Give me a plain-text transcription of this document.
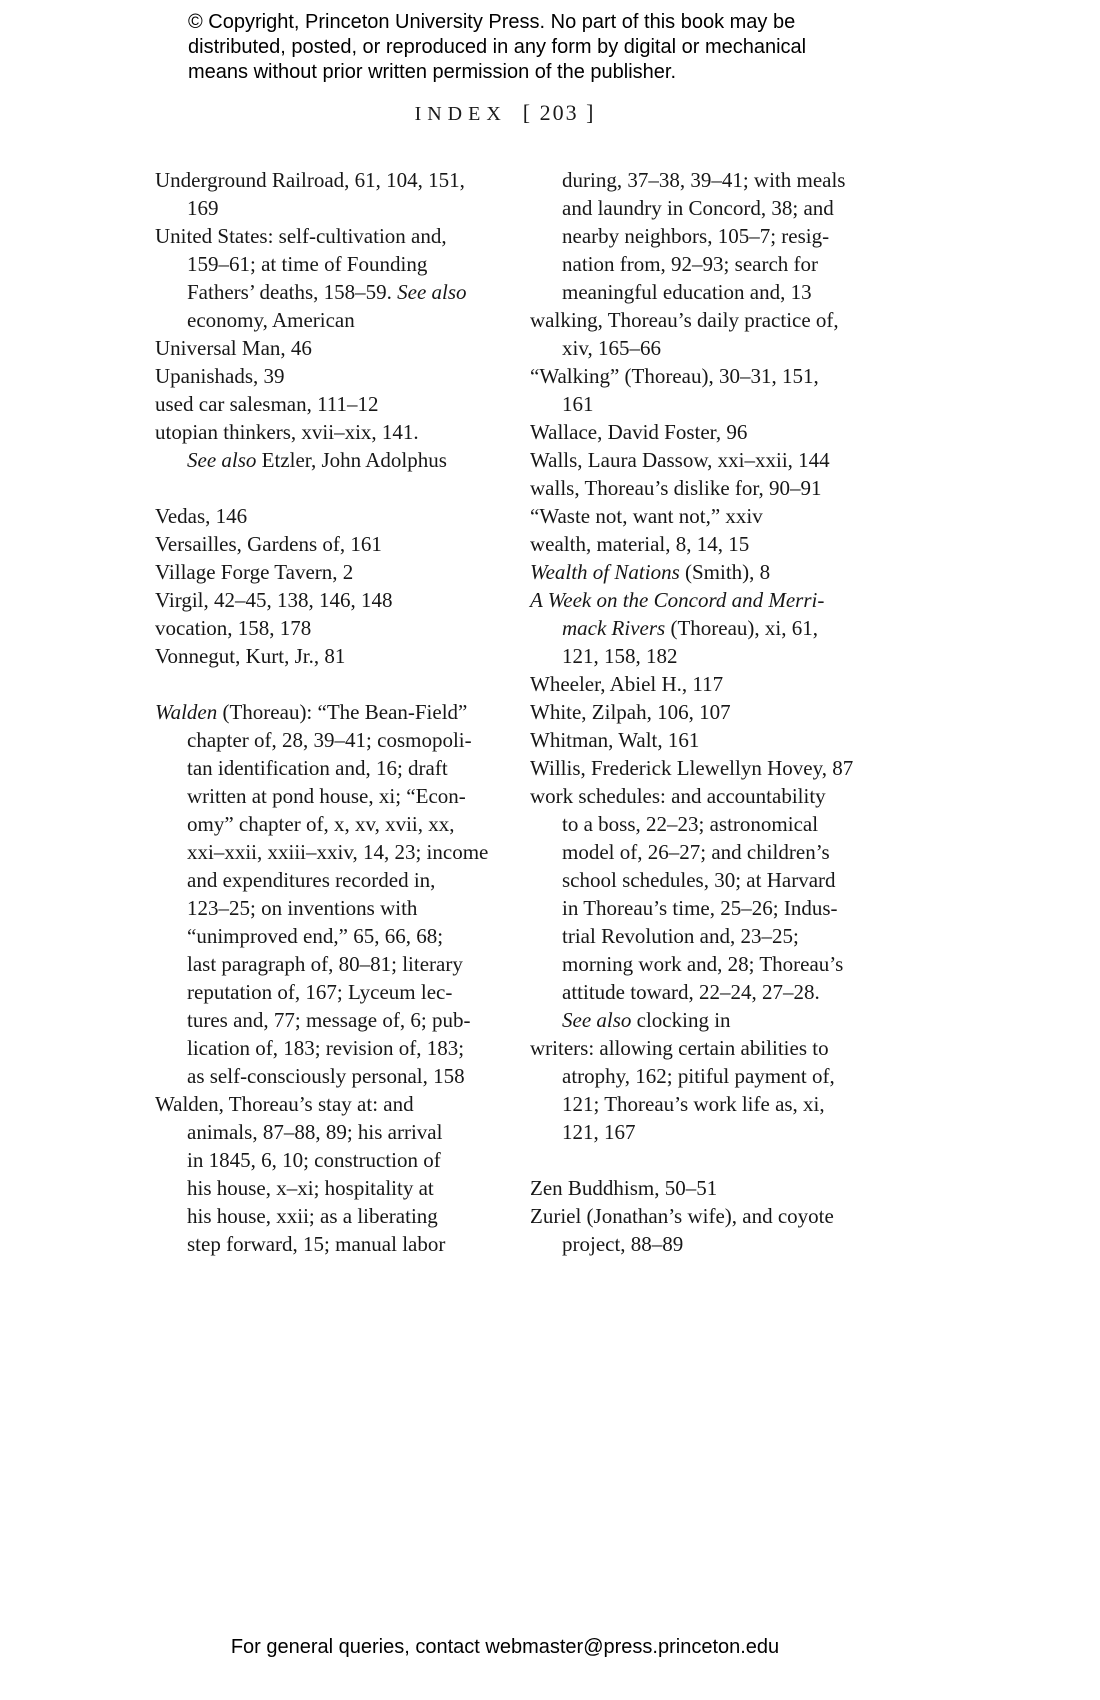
© Copyright, Princeton University Press. No part of this book may be
distributed, posted, or reproduced in any form by digital or mechanical
means without prior written permission of the publisher.
INDEX [ 203 ]
Underground Railroad, 61, 104, 151,
169
United States: self-cultivation and,
159–61; at time of Founding
Fathers’ deaths, 158–59. See also
economy, American
Universal Man, 46
Upanishads, 39
used car salesman, 111–12
utopian thinkers, xvii–xix, 141.
See also Etzler, John Adolphus

Vedas, 146
Versailles, Gardens of, 161
Village Forge Tavern, 2
Virgil, 42–45, 138, 146, 148
vocation, 158, 178
Vonnegut, Kurt, Jr., 81

Walden (Thoreau): “The Bean-Field”
chapter of, 28, 39–41; cosmopoli-
tan identification and, 16; draft
written at pond house, xi; “Econ-
omy” chapter of, x, xv, xvii, xx,
xxi–xxii, xxiii–xxiv, 14, 23; income
and expenditures recorded in,
123–25; on inventions with
“unimproved end,” 65, 66, 68;
last paragraph of, 80–81; literary
reputation of, 167; Lyceum lec-
tures and, 77; message of, 6; pub-
lication of, 183; revision of, 183;
as self-consciously personal, 158
Walden, Thoreau’s stay at: and
animals, 87–88, 89; his arrival
in 1845, 6, 10; construction of
his house, x–xi; hospitality at
his house, xxii; as a liberating
step forward, 15; manual labor
during, 37–38, 39–41; with meals
and laundry in Concord, 38; and
nearby neighbors, 105–7; resig-
nation from, 92–93; search for
meaningful education and, 13
walking, Thoreau’s daily practice of,
xiv, 165–66
“Walking” (Thoreau), 30–31, 151,
161
Wallace, David Foster, 96
Walls, Laura Dassow, xxi–xxii, 144
walls, Thoreau’s dislike for, 90–91
“Waste not, want not,” xxiv
wealth, material, 8, 14, 15
Wealth of Nations (Smith), 8
A Week on the Concord and Merri-
mack Rivers (Thoreau), xi, 61,
121, 158, 182
Wheeler, Abiel H., 117
White, Zilpah, 106, 107
Whitman, Walt, 161
Willis, Frederick Llewellyn Hovey, 87
work schedules: and accountability
to a boss, 22–23; astronomical
model of, 26–27; and children’s
school schedules, 30; at Harvard
in Thoreau’s time, 25–26; Indus-
trial Revolution and, 23–25;
morning work and, 28; Thoreau’s
attitude toward, 22–24, 27–28.
See also clocking in
writers: allowing certain abilities to
atrophy, 162; pitiful payment of,
121; Thoreau’s work life as, xi,
121, 167

Zen Buddhism, 50–51
Zuriel (Jonathan’s wife), and coyote
project, 88–89
For general queries, contact webmaster@press.princeton.edu
